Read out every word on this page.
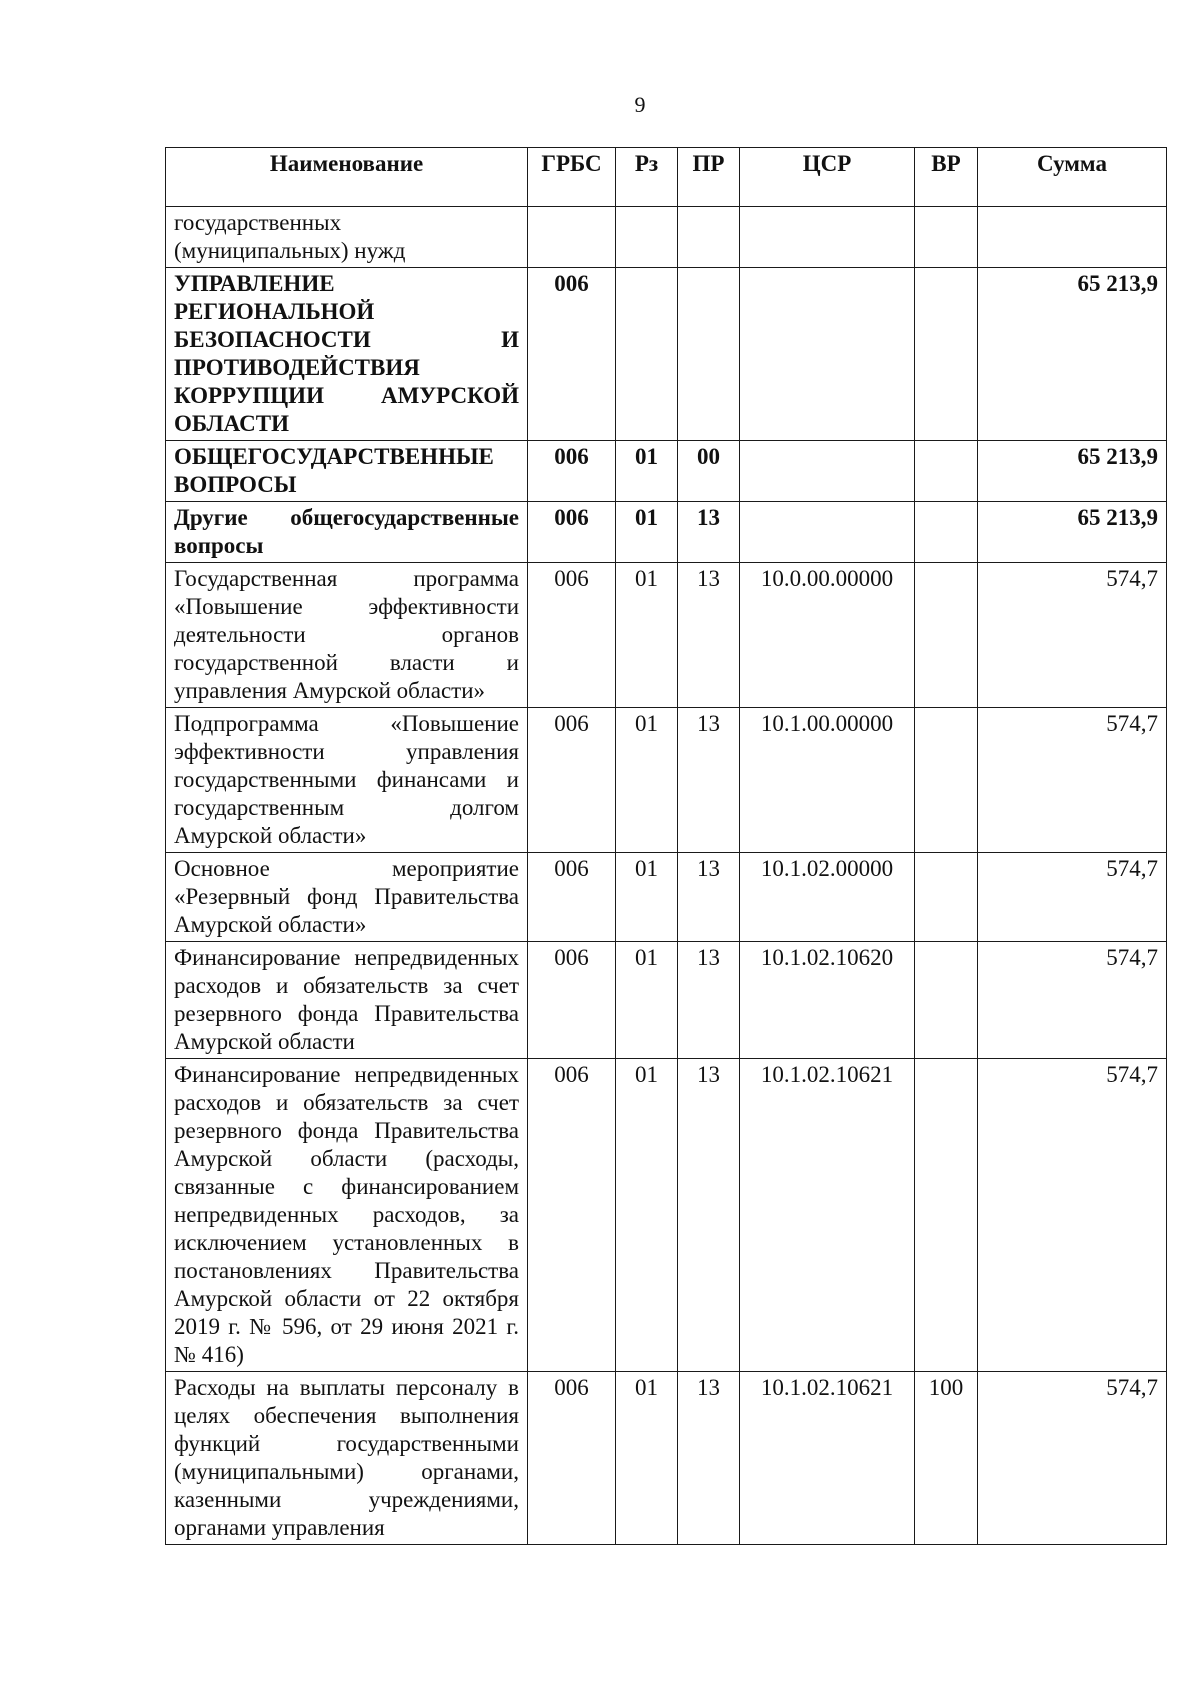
9
Наименование	ГРБС	Рз	ПР	ЦСР	ВР	Сумма
государственных (муниципальных) нужд						
УПРАВЛЕНИЕ РЕГИОНАЛЬНОЙ БЕЗОПАСНОСТИ И ПРОТИВОДЕЙСТВИЯ КОРРУПЦИИ АМУРСКОЙ ОБЛАСТИ	006					65 213,9
ОБЩЕГОСУДАРСТВЕННЫЕ ВОПРОСЫ	006	01	00			65 213,9
Другие общегосударственные вопросы	006	01	13			65 213,9
Государственная программа «Повышение эффективности деятельности органов государственной власти и управления Амурской области»	006	01	13	10.0.00.00000		574,7
Подпрограмма «Повышение эффективности управления государственными финансами и государственным долгом Амурской области»	006	01	13	10.1.00.00000		574,7
Основное мероприятие «Резервный фонд Правительства Амурской области»	006	01	13	10.1.02.00000		574,7
Финансирование непредвиденных расходов и обязательств за счет резервного фонда Правительства Амурской области	006	01	13	10.1.02.10620		574,7
Финансирование непредвиденных расходов и обязательств за счет резервного фонда Правительства Амурской области (расходы, связанные с финансированием непредвиденных расходов, за исключением установленных в постановлениях Правительства Амурской области от 22 октября 2019 г. № 596, от 29 июня 2021 г. № 416)	006	01	13	10.1.02.10621		574,7
Расходы на выплаты персоналу в целях обеспечения выполнения функций государственными (муниципальными) органами, казенными учреждениями, органами управления	006	01	13	10.1.02.10621	100	574,7
